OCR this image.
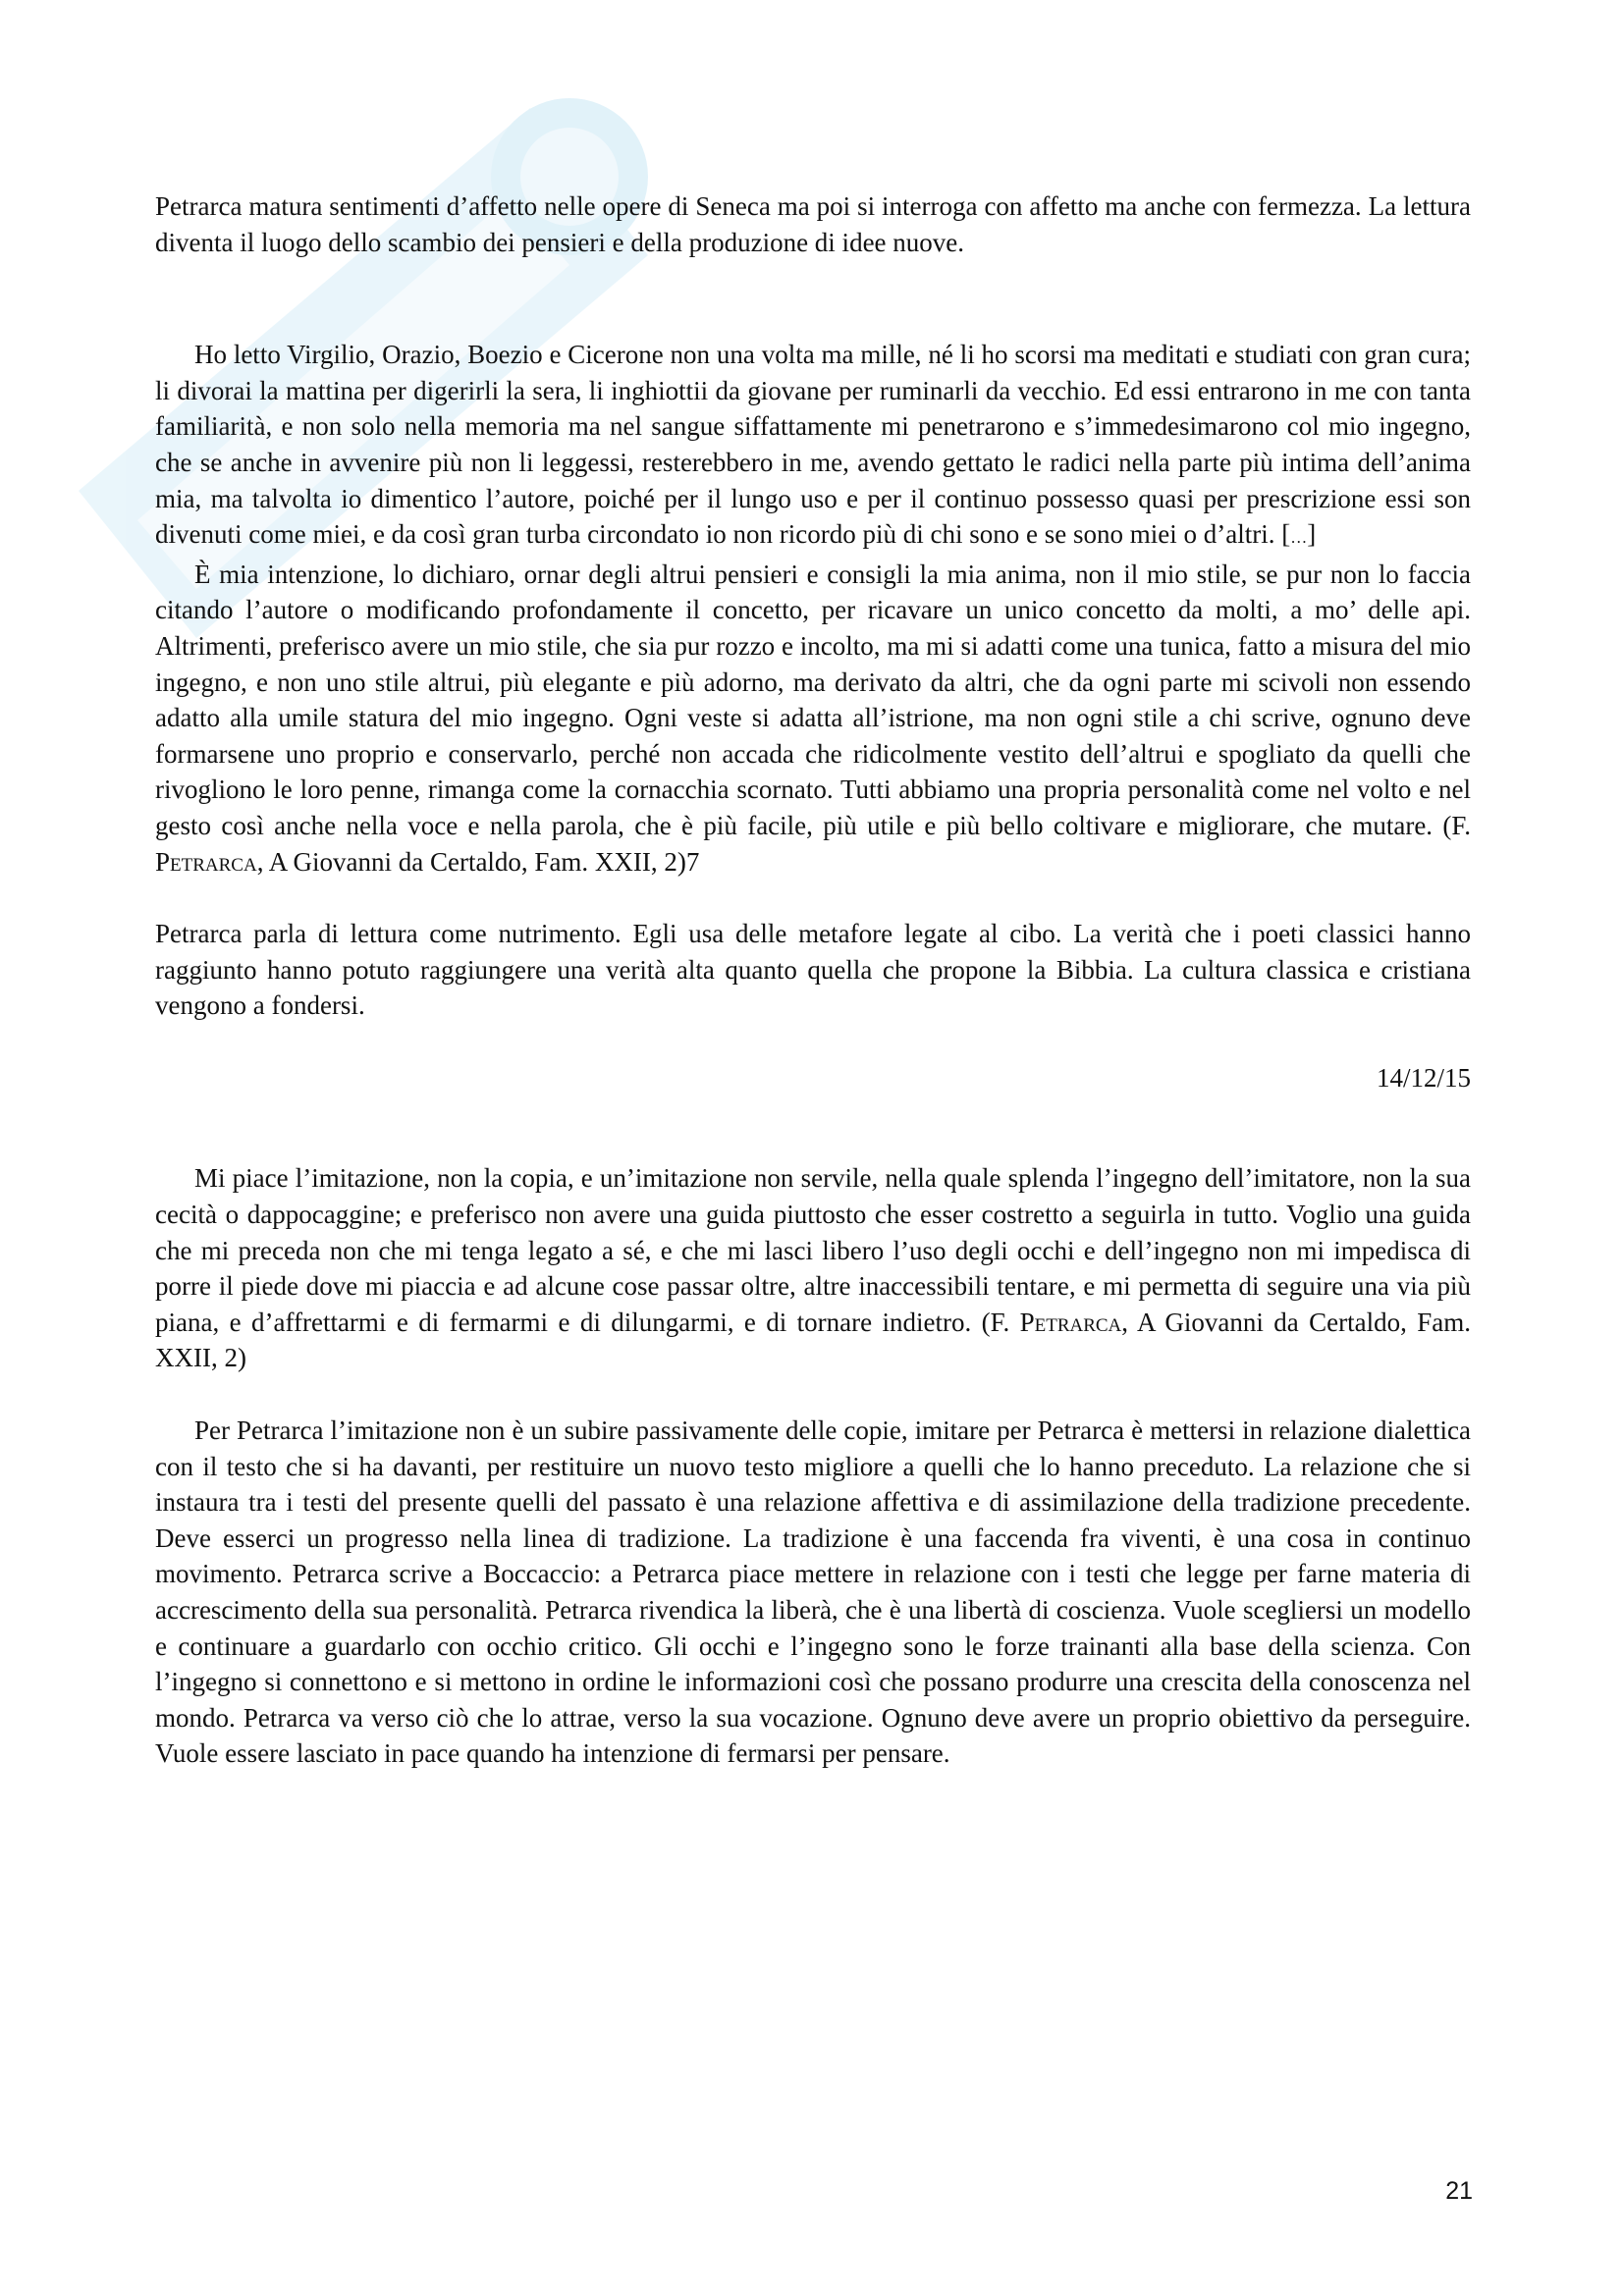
Petrarca matura sentimenti d’affetto nelle opere di Seneca ma poi si interroga con affetto ma anche con fermezza. La lettura diventa il luogo dello scambio dei pensieri e della produzione di idee nuove.

Ho letto Virgilio, Orazio, Boezio e Cicerone non una volta ma mille, né li ho scorsi ma meditati e studiati con gran cura; li divorai la mattina per digerirli la sera, li inghiottii da giovane per ruminarli da vecchio. Ed essi entrarono in me con tanta familiarità, e non solo nella memoria ma nel sangue siffattamente mi penetrarono e s’immedesimarono col mio ingegno, che se anche in avvenire più non li leggessi, resterebbero in me, avendo gettato le radici nella parte più intima dell’anima mia, ma talvolta io dimentico l’autore, poiché per il lungo uso e per il continuo possesso quasi per prescrizione essi son divenuti come miei, e da così gran turba circondato io non ricordo più di chi sono e se sono miei o d’altri. […]

È mia intenzione, lo dichiaro, ornar degli altrui pensieri e consigli la mia anima, non il mio stile, se pur non lo faccia citando l’autore o modificando profondamente il concetto, per ricavare un unico concetto da molti, a mo’ delle api. Altrimenti, preferisco avere un mio stile, che sia pur rozzo e incolto, ma mi si adatti come una tunica, fatto a misura del mio ingegno, e non uno stile altrui, più elegante e più adorno, ma derivato da altri, che da ogni parte mi scivoli non essendo adatto alla umile statura del mio ingegno. Ogni veste si adatta all’istrione, ma non ogni stile a chi scrive, ognuno deve formarsene uno proprio e conservarlo, perché non accada che ridicolmente vestito dell’altrui e spogliato da quelli che rivogliono le loro penne, rimanga come la cornacchia scornato. Tutti abbiamo una propria personalità come nel volto e nel gesto così anche nella voce e nella parola, che è più facile, più utile e più bello coltivare e migliorare, che mutare. (F. Petrarca, A Giovanni da Certaldo, Fam. XXII, 2)7

Petrarca parla di lettura come nutrimento. Egli usa delle metafore legate al cibo. La verità che i poeti classici hanno raggiunto hanno potuto raggiungere una verità alta quanto quella che propone la Bibbia. La cultura classica e cristiana vengono a fondersi.

14/12/15

Mi piace l’imitazione, non la copia, e un’imitazione non servile, nella quale splenda l’ingegno dell’imitatore, non la sua cecità o dappocaggine; e preferisco non avere una guida piuttosto che esser costretto a seguirla in tutto. Voglio una guida che mi preceda non che mi tenga legato a sé, e che mi lasci libero l’uso degli occhi e dell’ingegno non mi impedisca di porre il piede dove mi piaccia e ad alcune cose passar oltre, altre inaccessibili tentare, e mi permetta di seguire una via più piana, e d’affrettarmi e di fermarmi e di dilungarmi, e di tornare indietro. (F. Petrarca, A Giovanni da Certaldo, Fam. XXII, 2)

Per Petrarca l’imitazione non è un subire passivamente delle copie, imitare per Petrarca è mettersi in relazione dialettica con il testo che si ha davanti, per restituire un nuovo testo migliore a quelli che lo hanno preceduto. La relazione che si instaura tra i testi del presente quelli del passato è una relazione affettiva e di assimilazione della tradizione precedente. Deve esserci un progresso nella linea di tradizione. La tradizione è una faccenda fra viventi, è una cosa in continuo movimento. Petrarca scrive a Boccaccio: a Petrarca piace mettere in relazione con i testi che legge per farne materia di accrescimento della sua personalità. Petrarca rivendica la liberà, che è una libertà di coscienza. Vuole scegliersi un modello e continuare a guardarlo con occhio critico. Gli occhi e l’ingegno sono le forze trainanti alla base della scienza. Con l’ingegno si connettono e si mettono in ordine le informazioni così che possano produrre una crescita della conoscenza nel mondo. Petrarca va verso ciò che lo attrae, verso la sua vocazione. Ognuno deve avere un proprio obiettivo da perseguire. Vuole essere lasciato in pace quando ha intenzione di fermarsi per pensare.

21
